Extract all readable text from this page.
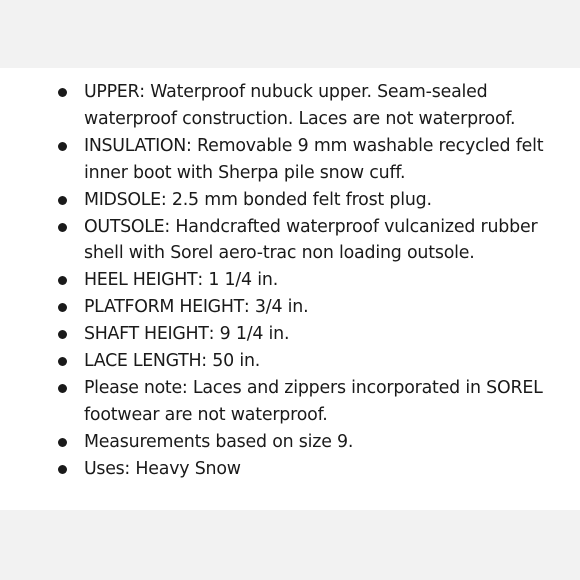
UPPER: Waterproof nubuck upper. Seam-sealed waterproof construction. Laces are not waterproof.
INSULATION: Removable 9 mm washable recycled felt inner boot with Sherpa pile snow cuff.
MIDSOLE: 2.5 mm bonded felt frost plug.
OUTSOLE: Handcrafted waterproof vulcanized rubber shell with Sorel aero-trac non loading outsole.
HEEL HEIGHT: 1 1/4 in.
PLATFORM HEIGHT: 3/4 in.
SHAFT HEIGHT: 9 1/4 in.
LACE LENGTH: 50 in.
Please note: Laces and zippers incorporated in SOREL footwear are not waterproof.
Measurements based on size 9.
Uses: Heavy Snow
